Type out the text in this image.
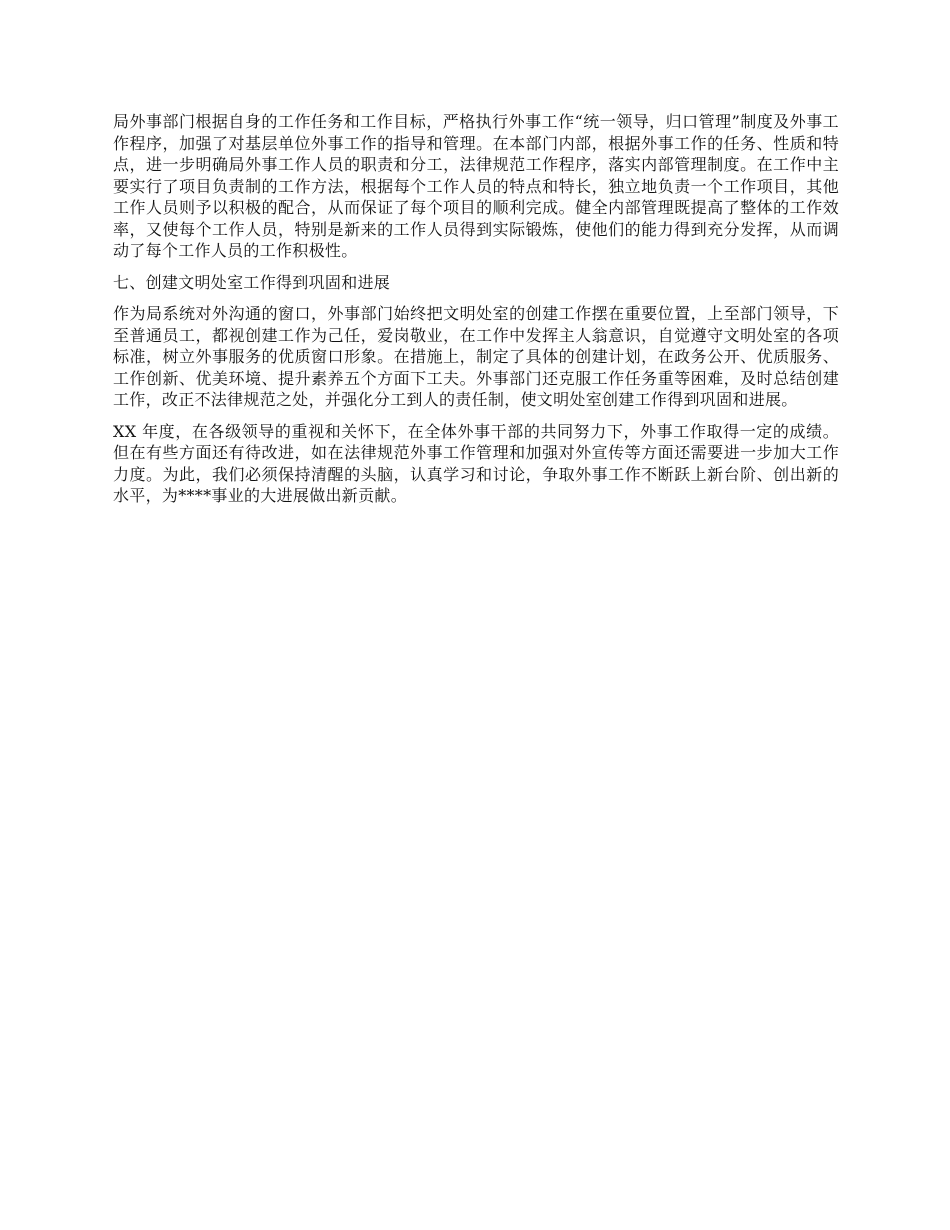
局外事部门根据自身的工作任务和工作目标，严格执行外事工作“统一领导，归口管理”制度及外事工作程序，加强了对基层单位外事工作的指导和管理。在本部门内部，根据外事工作的任务、性质和特点，进一步明确局外事工作人员的职责和分工，法律规范工作程序，落实内部管理制度。在工作中主要实行了项目负责制的工作方法，根据每个工作人员的特点和特长，独立地负责一个工作项目，其他工作人员则予以积极的配合，从而保证了每个项目的顺利完成。健全内部管理既提高了整体的工作效率，又使每个工作人员，特别是新来的工作人员得到实际锻炼，使他们的能力得到充分发挥，从而调动了每个工作人员的工作积极性。

七、创建文明处室工作得到巩固和进展

作为局系统对外沟通的窗口，外事部门始终把文明处室的创建工作摆在重要位置，上至部门领导，下至普通员工，都视创建工作为己任，爱岗敬业，在工作中发挥主人翁意识，自觉遵守文明处室的各项标准，树立外事服务的优质窗口形象。在措施上，制定了具体的创建计划，在政务公开、优质服务、工作创新、优美环境、提升素养五个方面下工夫。外事部门还克服工作任务重等困难，及时总结创建工作，改正不法律规范之处，并强化分工到人的责任制，使文明处室创建工作得到巩固和进展。

XX 年度，在各级领导的重视和关怀下，在全体外事干部的共同努力下，外事工作取得一定的成绩。但在有些方面还有待改进，如在法律规范外事工作管理和加强对外宣传等方面还需要进一步加大工作力度。为此，我们必须保持清醒的头脑，认真学习和讨论，争取外事工作不断跃上新台阶、创出新的水平，为****事业的大进展做出新贡献。
